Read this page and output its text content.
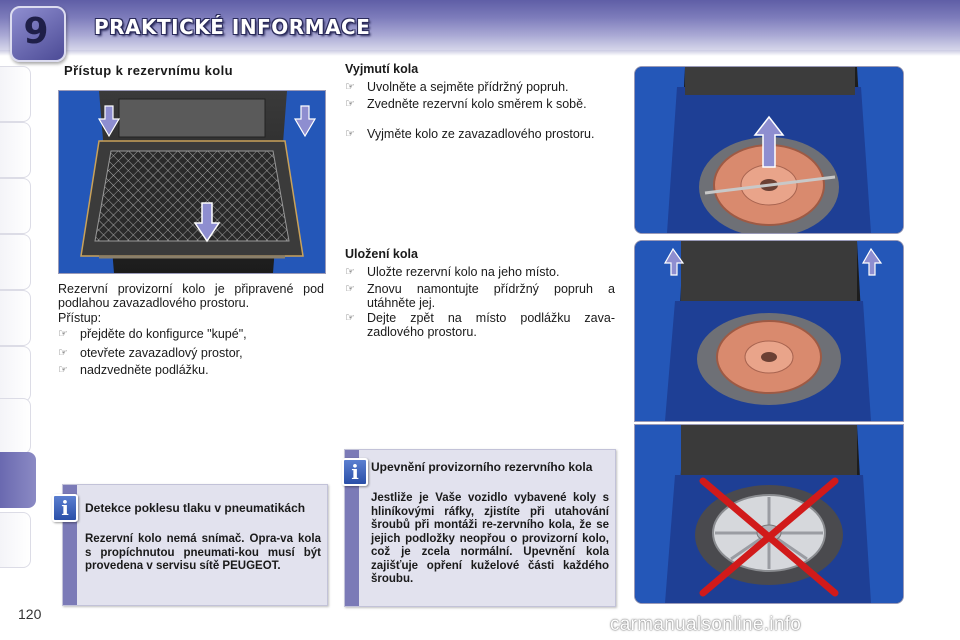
9	PRAKTICKÉ INFORMACE
120
Přístup k rezervnímu kolu
Rezervní provizorní kolo je připravené pod podlahou zavazadlového prostoru.
Přístup:
☞ přejděte do konfigurce "kupé",
☞ otevřete zavazadlový prostor,
☞ nadzvedněte podlážku.
Detekce poklesu tlaku v pneumatikách
Rezervní kolo nemá snímač. Opra-va kola s propíchnutou pneumati-kou musí být provedena v servisu sítě PEUGEOT.
i
Vyjmutí kola
☞ Uvolněte a sejměte přídržný popruh.
☞ Zvedněte rezervní kolo směrem k sobě.
☞ Vyjměte kolo ze zavazadlového prostoru.
Uložení kola
☞ Uložte rezervní kolo na jeho místo.
☞ Znovu namontujte přídržný popruh a utáhněte jej.
☞ Dejte zpět na místo podlážku zava-zadlového prostoru.
Upevnění provizorního rezervního kola
Jestliže je Vaše vozidlo vybavené koly s hliníkovými ráfky, zjistíte při utahování šroubů při montáži re-zervního kola, že se jejich podložky neopřou o provizorní kolo, což je zcela normální. Upevnění kola zajišťuje opření kuželové části každého šroubu.
i
carmanualsonline.info
